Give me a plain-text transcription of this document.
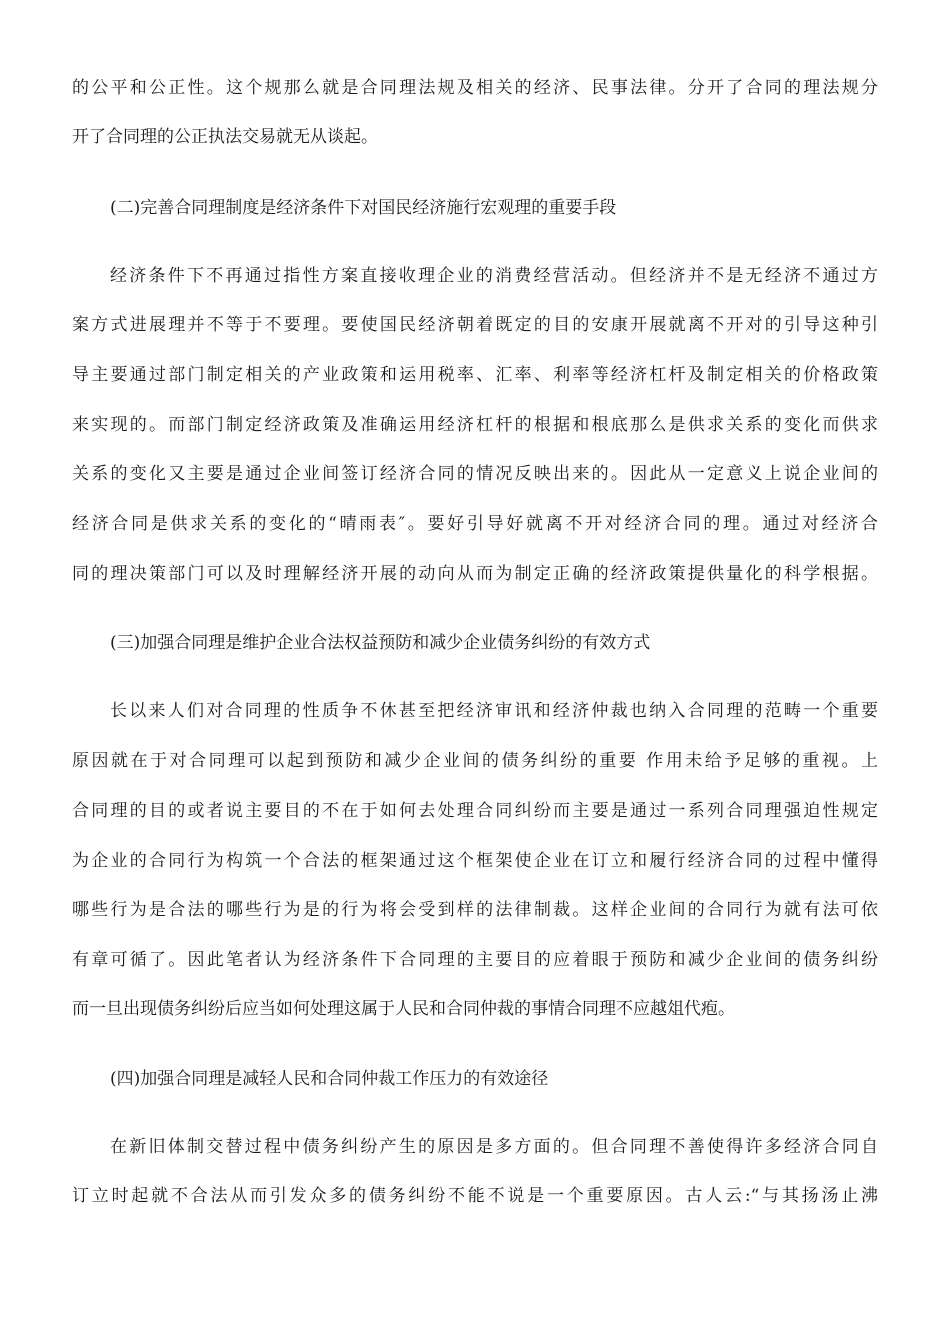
的公平和公正性。这个规那么就是合同理法规及相关的经济、民事法律。分开了合同的理法规分
开了合同理的公正执法交易就无从谈起。
(二)完善合同理制度是经济条件下对国民经济施行宏观理的重要手段
经济条件下不再通过指性方案直接收理企业的消费经营活动。但经济并不是无经济不通过方
案方式进展理并不等于不要理。要使国民经济朝着既定的目的安康开展就离不开对的引导这种引
导主要通过部门制定相关的产业政策和运用税率、汇率、利率等经济杠杆及制定相关的价格政策
来实现的。而部门制定经济政策及准确运用经济杠杆的根据和根底那么是供求关系的变化而供求
关系的变化又主要是通过企业间签订经济合同的情况反映出来的。因此从一定意义上说企业间的
经济合同是供求关系的变化的“晴雨表″。要好引导好就离不开对经济合同的理。通过对经济合
同的理决策部门可以及时理解经济开展的动向从而为制定正确的经济政策提供量化的科学根据。
(三)加强合同理是维护企业合法权益预防和减少企业债务纠纷的有效方式
长以来人们对合同理的性质争不休甚至把经济审讯和经济仲裁也纳入合同理的范畴一个重要
原因就在于对合同理可以起到预防和减少企业间的债务纠纷的重要 作用未给予足够的重视。上
合同理的目的或者说主要目的不在于如何去处理合同纠纷而主要是通过一系列合同理强迫性规定
为企业的合同行为构筑一个合法的框架通过这个框架使企业在订立和履行经济合同的过程中懂得
哪些行为是合法的哪些行为是的行为将会受到样的法律制裁。这样企业间的合同行为就有法可依
有章可循了。因此笔者认为经济条件下合同理的主要目的应着眼于预防和减少企业间的债务纠纷
而一旦出现债务纠纷后应当如何处理这属于人民和合同仲裁的事情合同理不应越俎代疱。
(四)加强合同理是减轻人民和合同仲裁工作压力的有效途径
在新旧体制交替过程中债务纠纷产生的原因是多方面的。但合同理不善使得许多经济合同自
订立时起就不合法从而引发众多的债务纠纷不能不说是一个重要原因。古人云:“与其扬汤止沸
